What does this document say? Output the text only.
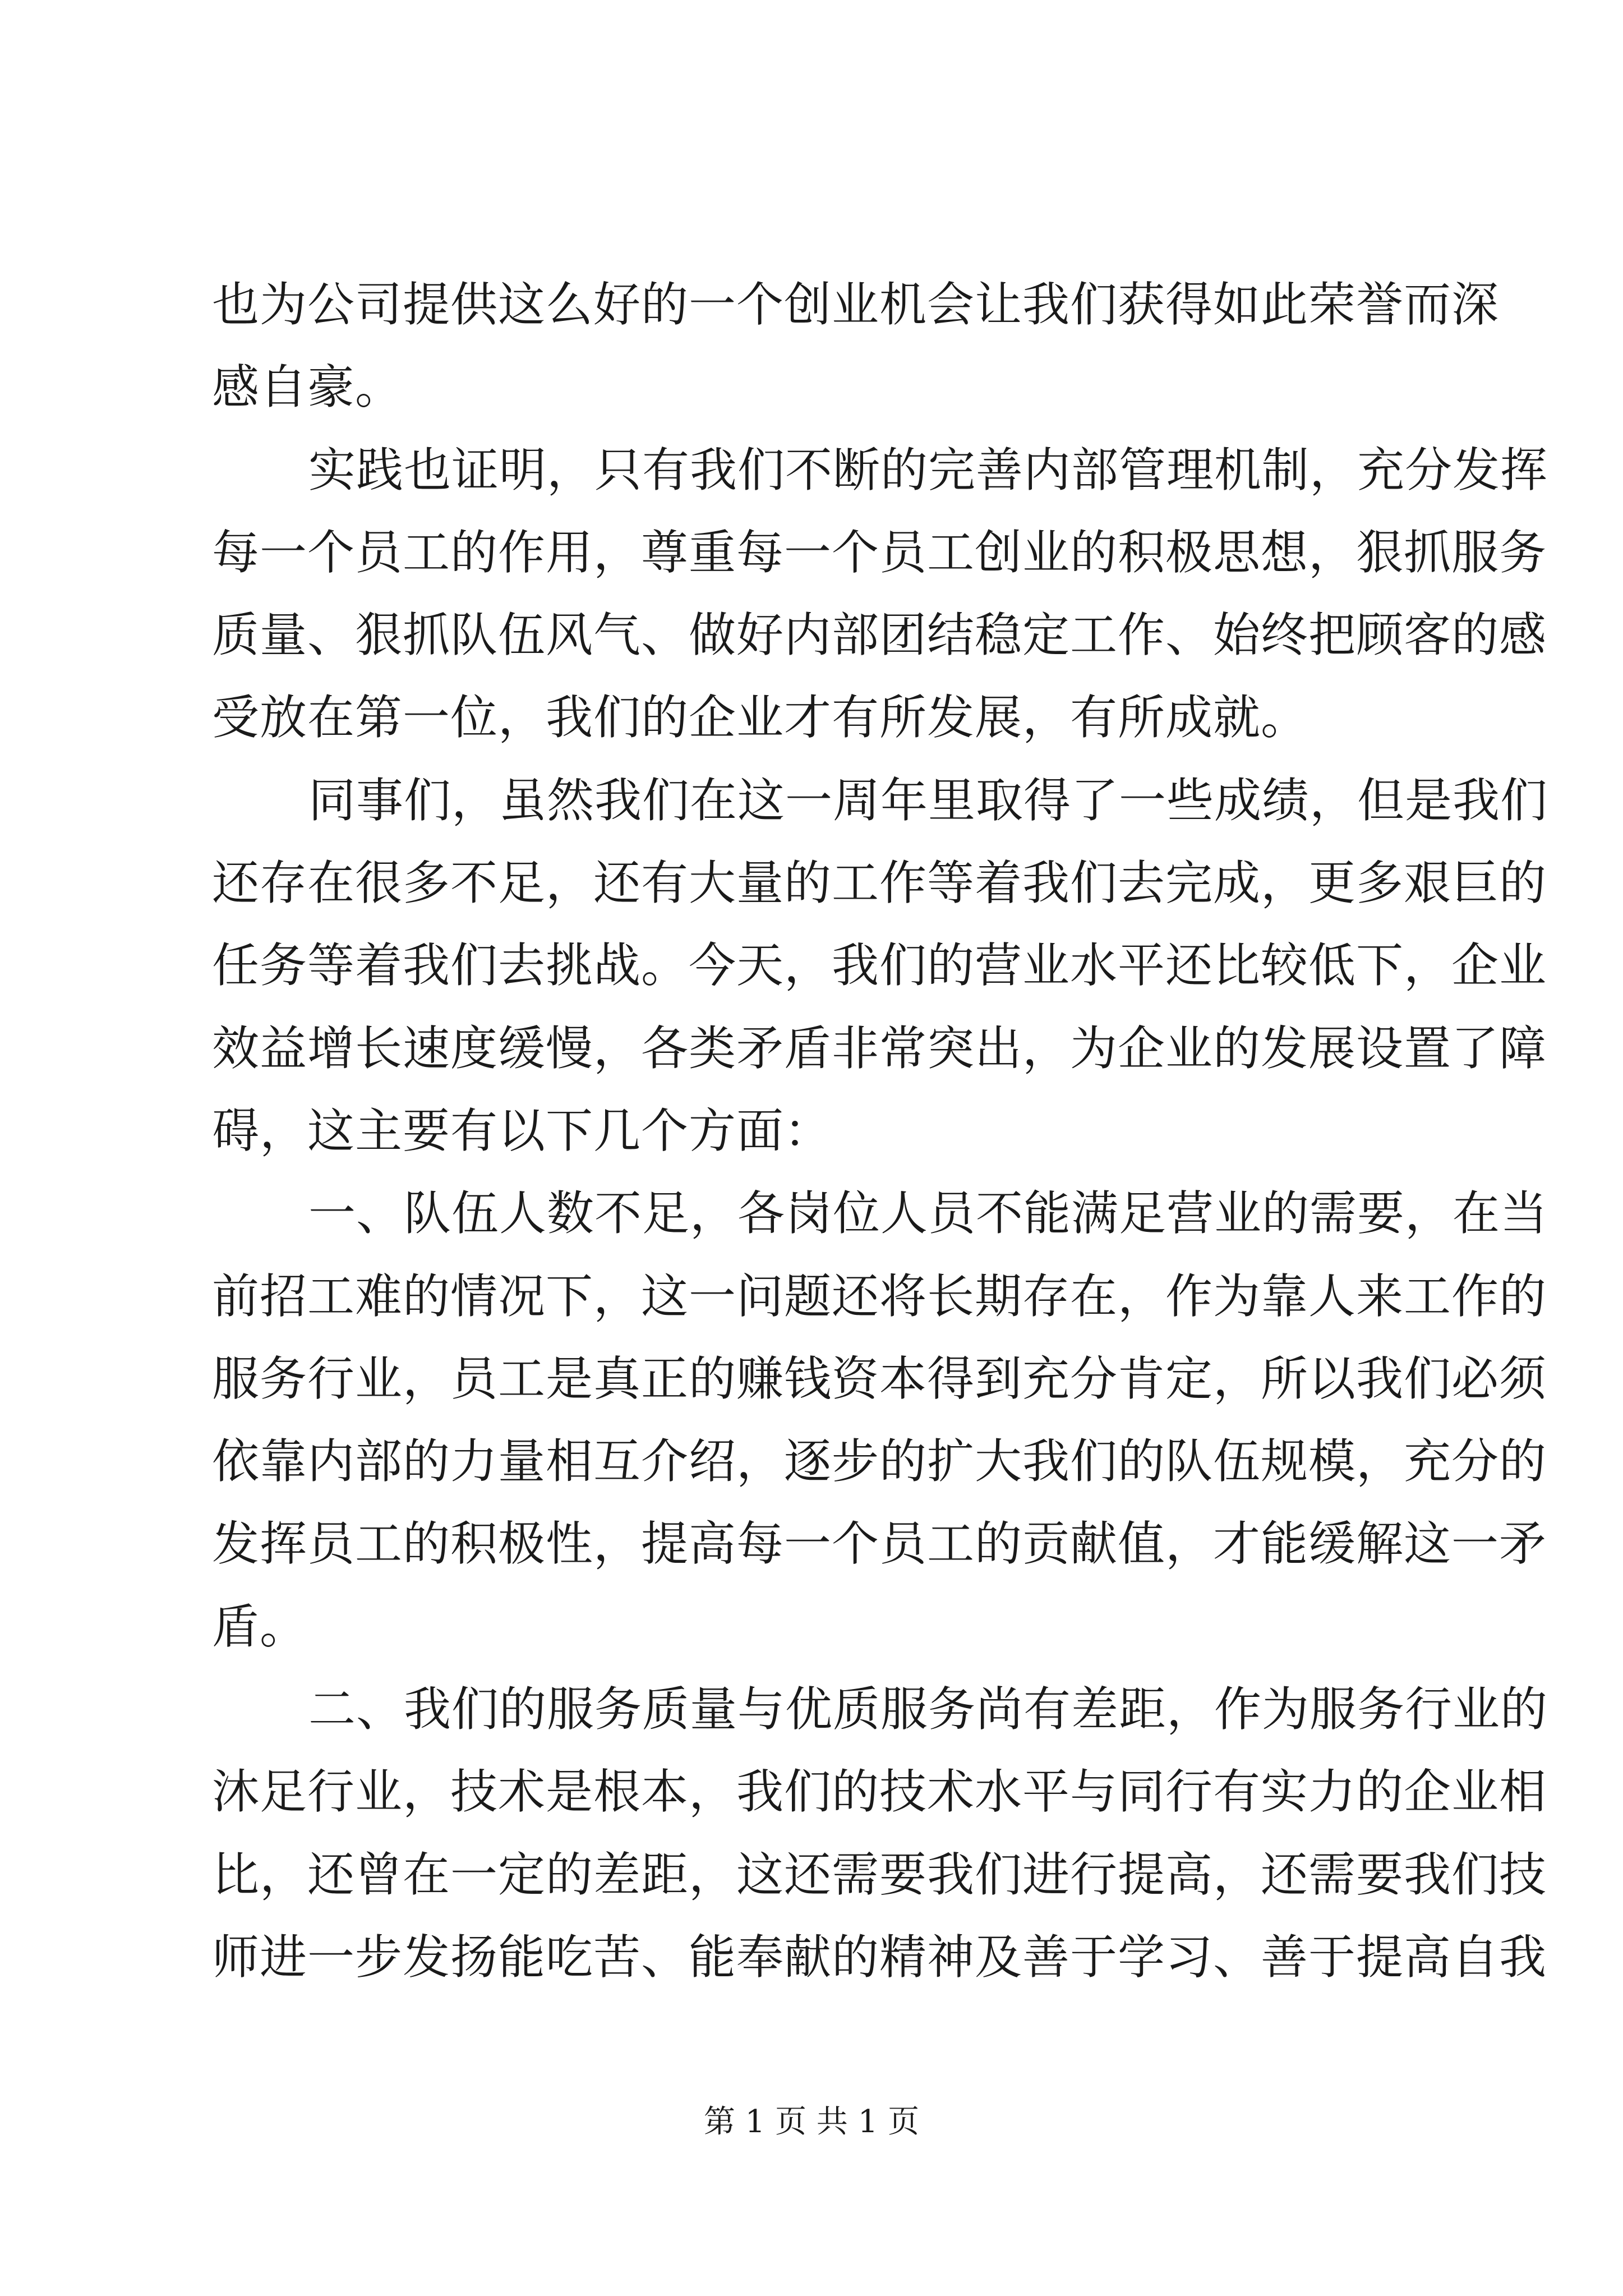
也为公司提供这么好的一个创业机会让我们获得如此荣誉而深

感自豪。

实践也证明，只有我们不断的完善内部管理机制，充分发挥

每一个员工的作用，尊重每一个员工创业的积极思想，狠抓服务

质量、狠抓队伍风气、做好内部团结稳定工作、始终把顾客的感

受放在第一位，我们的企业才有所发展，有所成就。

同事们，虽然我们在这一周年里取得了一些成绩，但是我们

还存在很多不足，还有大量的工作等着我们去完成，更多艰巨的

任务等着我们去挑战。今天，我们的营业水平还比较低下，企业

效益增长速度缓慢，各类矛盾非常突出，为企业的发展设置了障

碍，这主要有以下几个方面：

一、队伍人数不足，各岗位人员不能满足营业的需要，在当

前招工难的情况下，这一问题还将长期存在，作为靠人来工作的

服务行业，员工是真正的赚钱资本得到充分肯定，所以我们必须

依靠内部的力量相互介绍，逐步的扩大我们的队伍规模，充分的

发挥员工的积极性，提高每一个员工的贡献值，才能缓解这一矛

盾。

二、我们的服务质量与优质服务尚有差距，作为服务行业的

沐足行业，技术是根本，我们的技术水平与同行有实力的企业相

比，还曾在一定的差距，这还需要我们进行提高，还需要我们技

师进一步发扬能吃苦、能奉献的精神及善于学习、善于提高自我

第 1 页 共 1 页
